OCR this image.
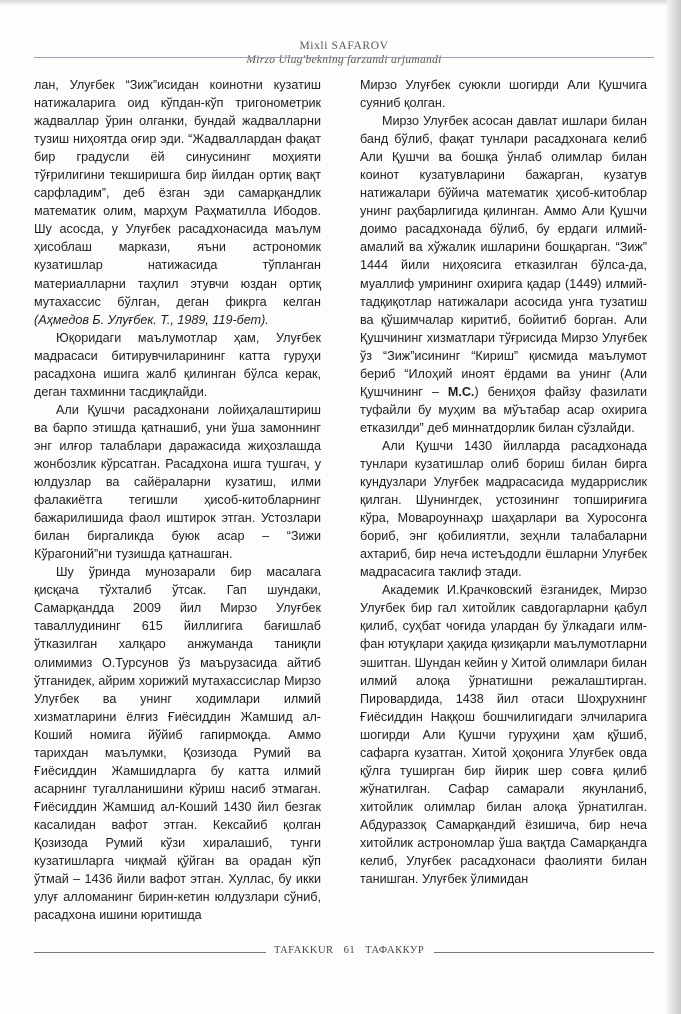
Mixli SAFAROV
Mirzo Ulug'bekning farzandi arjumandi

лан, Улуғбек “Зиж”исидан коинотни кузатиш натижаларига оид кўпдан-кўп тригонометрик жадваллар ўрин олганки, бундай жадвалларни тузиш ниҳоятда оғир эди. “Жадваллардан фақат бир градусли ёй синусининг моҳияти тўғрилигини текширишга бир йилдан ортиқ вақт сарфладим”, деб ёзган эди самарқандлик математик олим, марҳум Раҳматилла Ибодов. Шу асосда, у Улуғбек расадхонасида маълум ҳисоблаш маркази, яъни астрономик кузатишлар натижасида тўпланган материалларни таҳлил этувчи юздан ортиқ мутахассис бўлган, деган фикрга келган (Аҳмедов Б. Улуғбек. Т., 1989, 119-бет).

Юқоридаги маълумотлар ҳам, Улуғбек мадрасаси битирувчиларининг катта гуруҳи расадхона ишига жалб қилинган бўлса керак, деган тахминни тасдиқлайди.

Али Қушчи расадхонани лойиҳалаштириш ва барпо этишда қатнашиб, уни ўша замоннинг энг илғор талаблари даражасида жиҳозлашда жонбозлик кўрсатган. Расадхона ишга тушгач, у юлдузлар ва сайёраларни кузатиш, илми фалакиётга тегишли ҳисоб-китобларнинг бажарилишида фаол иштирок этган. Устозлари билан биргаликда буюк асар – “Зижи Кўрагоний”ни тузишда қатнашган.

Шу ўринда мунозарали бир масалага қисқача тўхталиб ўтсак. Гап шундаки, Самарқандда 2009 йил Мирзо Улуғбек таваллудининг 615 йиллигига бағишлаб ўтказилган халқаро анжуманда таниқли олимимиз О.Турсунов ўз маърузасида айтиб ўтганидек, айрим хорижий мутахассислар Мирзо Улуғбек ва унинг ходимлари илмий хизматларини ёлғиз Ғиёсиддин Жамшид ал-Коший номига йўйиб гапирмоқда. Аммо тарихдан маълумки, Қозизода Румий ва Ғиёсиддин Жамшидларга бу катта илмий асарнинг тугалланишини кўриш насиб этмаган. Ғиёсиддин Жамшид ал-Коший 1430 йил безгак касалидан вафот этган. Кексайиб қолган Қозизода Румий кўзи хиралашиб, тунги кузатишларга чиқмай қўйган ва орадан кўп ўтмай – 1436 йили вафот этган. Хуллас, бу икки улуғ алломанинг бирин-кетин юлдузлари сўниб, расадхона ишини юритишда

Мирзо Улуғбек суюкли шогирди Али Қушчига суяниб қолган.

Мирзо Улуғбек асосан давлат ишлари билан банд бўлиб, фақат тунлари расадхонага келиб Али Қушчи ва бошқа ўнлаб олимлар билан коинот кузатувларини бажарган, кузатув натижалари бўйича математик ҳисоб-китоблар унинг раҳбарлигида қилинган. Аммо Али Қушчи доимо расадхонада бўлиб, бу ердаги илмий-амалий ва хўжалик ишларини бошқарган. “Зиж” 1444 йили ниҳоясига етказилган бўлса-да, муаллиф умрининг охирига қадар (1449) илмий-тадқиқотлар натижалари асосида унга тузатиш ва қўшимчалар киритиб, бойитиб борган. Али Қушчининг хизматлари тўғрисида Мирзо Улуғбек ўз “Зиж”исининг “Кириш” қисмида маълумот бериб “Илоҳий иноят ёрдами ва унинг (Али Қушчининг – М.С.) бениҳоя файзу фазилати туфайли бу муҳим ва мўътабар асар охирига етказилди” деб миннатдорлик билан сўзлайди.

Али Қушчи 1430 йилларда расадхонада тунлари кузатишлар олиб бориш билан бирга кундузлари Улуғбек мадрасасида мударрислик қилган. Шунингдек, устозининг топшириғига кўра, Мовароуннаҳр шаҳарлари ва Хуросонга бориб, энг қобилиятли, зеҳнли талабаларни ахтариб, бир неча истеъдодли ёшларни Улуғбек мадрасасига таклиф этади.

Академик И.Крачковский ёзганидек, Мирзо Улуғбек бир гал хитойлик савдогарларни қабул қилиб, суҳбат чоғида улардан бу ўлкадаги илм-фан ютуқлари ҳақида қизиқарли маълумотларни эшитган. Шундан кейин у Хитой олимлари билан илмий алоқа ўрнатишни режалаштирган. Пировардида, 1438 йил отаси Шоҳрухнинг Ғиёсиддин Наққош бошчилигидаги элчиларига шогирди Али Қушчи гуруҳини ҳам қўшиб, сафарга кузатган. Хитой ҳоқонига Улуғбек овда қўлга туширган бир йирик шер совға қилиб жўнатилган. Сафар самарали якунланиб, хитойлик олимлар билан алоқа ўрнатилган. Абдураззоқ Самарқандий ёзишича, бир неча хитойлик астрономлар ўша вақтда Самарқандга келиб, Улуғбек расадхонаси фаолияти билан танишган. Улуғбек ўлимидан

TAFAKKUR 61 ТАФАККУР
